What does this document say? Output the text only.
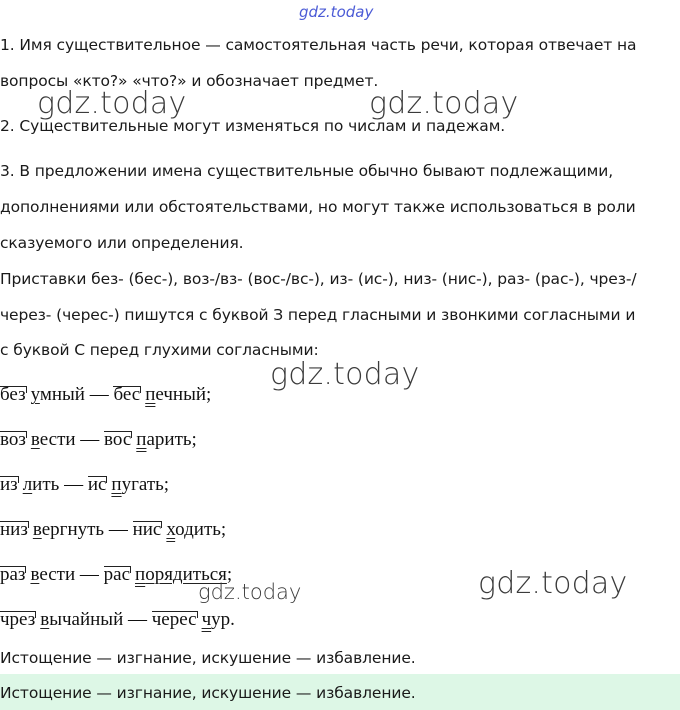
gdz.today
1. Имя существительное — самостоятельная часть речи, которая отвечает на
вопросы «кто?» «что?» и обозначает предмет.
2. Существительные могут изменяться по числам и падежам.
3. В предложении имена существительные обычно бывают подлежащими,
дополнениями или обстоятельствами, но могут также использоваться в роли
сказуемого или определения.
Приставки без- (бес-), воз-/вз- (вос-/вс-), из- (ис-), низ- (нис-), раз- (рас-), чрез-/
через- (черес-) пишутся с буквой З перед гласными и звонкими согласными и
с буквой С перед глухими согласными:
без умный — бес печный;
воз вести — вос парить;
из лить — ис пугать;
низ вергнуть — нис ходить;
раз вести — рас порядиться;
чрез вычайный — черес чур.
Истощение — изгнание, искушение — избавление.
Истощение — изгнание, искушение — избавление.
gdz.today	gdz.today
gdz.today
gdz.today
gdz.today
